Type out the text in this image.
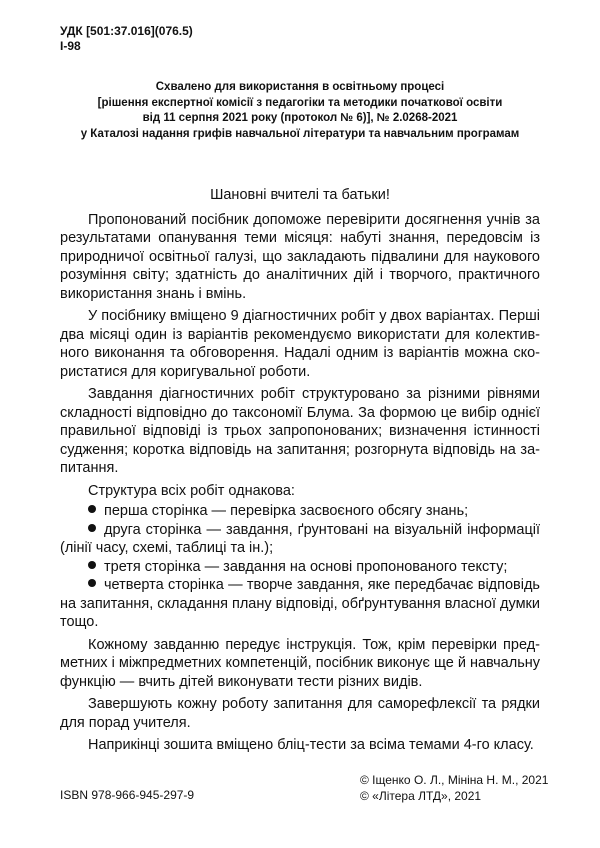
УДК [501:37.016](076.5)
І-98
Схвалено для використання в освітньому процесі
[рішення експертної комісії з педагогіки та методики початкової освіти
від 11 серпня 2021 року (протокол № 6)], № 2.0268-2021
у Каталозі надання грифів навчальної літератури та навчальним програмам
Шановні вчителі та батьки!

Пропонований посібник допоможе перевірити досягнення учнів за результатами опанування теми місяця: набуті знання, передовсім із природничої освітньої галузі, що закладають підвалини для наукового розуміння світу; здатність до аналітичних дій і творчого, практичного використання знань і вмінь.

У посібнику вміщено 9 діагностичних робіт у двох варіантах. Перші два місяці один із варіантів рекомендуємо використати для колективного виконання та обговорення. Надалі одним із варіантів можна скористатися для коригувальної роботи.

Завдання діагностичних робіт структуровано за різними рівнями складності відповідно до таксономії Блума. За формою це вибір однієї правильної відповіді із трьох запропонованих; визначення істинності судження; коротка відповідь на запитання; розгорнута відповідь на запитання.

Структура всіх робіт однакова:

перша сторінка — перевірка засвоєного обсягу знань;
друга сторінка — завдання, ґрунтовані на візуальній інформації (лінії часу, схемі, таблиці та ін.);
третя сторінка — завдання на основі пропонованого тексту;
четверта сторінка — творче завдання, яке передбачає відповідь на запитання, складання плану відповіді, обґрунтування власної думки тощо.

Кожному завданню передує інструкція. Тож, крім перевірки предметних і міжпредметних компетенцій, посібник виконує ще й навчальну функцію — вчить дітей виконувати тести різних видів.

Завершують кожну роботу запитання для саморефлексії та рядки для порад учителя.

Наприкінці зошита вміщено бліц-тести за всіма темами 4-го класу.

ISBN 978-966-945-297-9
© Іщенко О. Л., Мініна Н. М., 2021
© «Літера ЛТД», 2021
